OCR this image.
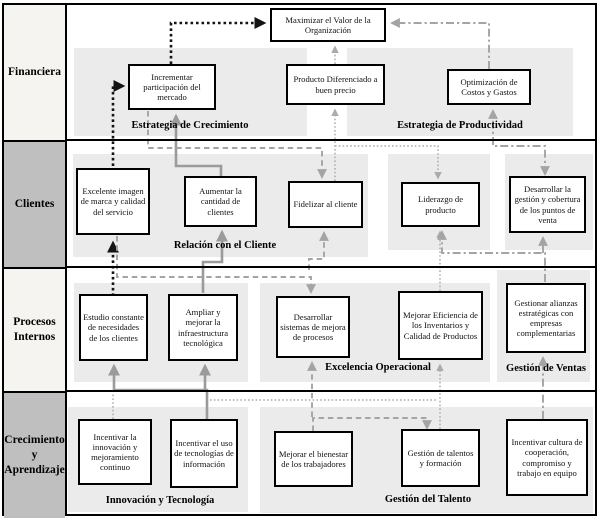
Maximizar el Valor de la Organización
Incrementar participación del mercado
Producto Diferenciado a buen precio
Optimización de Costos y Gastos
Excelente imagen de marca y calidad del servicio
Aumentar la cantidad de clientes
Fidelizar al cliente
Liderazgo de producto
Desarrollar la gestión y cobertura de los puntos de venta
Estudio constante de necesidades de los clientes
Ampliar y mejorar la infraestructura tecnológica
Desarrollar sistemas de mejora de procesos
Mejorar Eficiencia de los Inventarios y Calidad de Productos
Gestionar alianzas estratégicas con empresas complementarias
Incentivar la innovación y mejoramiento continuo
Incentivar el uso de tecnologías de información
Mejorar el bienestar de los trabajadores
Gestión de talentos y formación
Incentivar cultura de cooperación, compromiso y trabajo en equipo
Estrategia de Crecimiento	Estrategia de Productividad
Relación con el Cliente
Excelencia Operacional	Gestión de Ventas
Innovación y Tecnología	Gestión del Talento
Financiera
Clientes
Procesos Internos
Crecimiento y Aprendizaje
